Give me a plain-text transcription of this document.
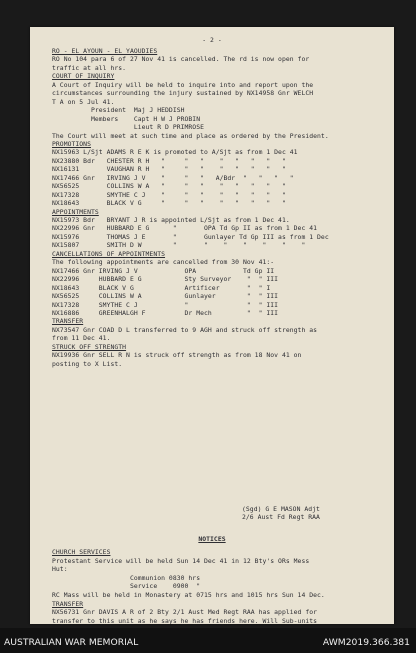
- 2 -
RO - EL AYOUN - EL YAOUDIES
RO No 104 para 6 of 27 Nov 41 is cancelled. The rd is now open for
traffic at all hrs.
COURT OF INQUIRY
A Court of Inquiry will be held to inquire into and report upon the
circumstances surrounding the injury sustained by NX14958 Gnr WELCH
T A on 5 Jul 41.
President  Maj J HEDDISH
Members    Capt H W J PROBIN
Lieut R D PRIMROSE
The Court will meet at such time and place as ordered by the President.
PROMOTIONS
NX15963 L/Sjt ADAMS R E K is promoted to A/Sjt as from 1 Dec 41
NX23880 Bdr   CHESTER R H   "     "   "    "   "   "   "   "
NX16131       VAUGHAN R H   "     "   "    "   "   "   "   "
NX17466 Gnr   IRVING J V    "     "   "   A/Bdr  "   "   "   "
NX56525       COLLINS W A   "     "   "    "   "   "   "   "
NX17328       SMYTHE C J    "     "   "    "   "   "   "   "
NX18643       BLACK V G     "     "   "    "   "   "   "   "
APPOINTMENTS
NX15973 Bdr   BRYANT J R is appointed L/Sjt as from 1 Dec 41.
NX22996 Gnr   HUBBARD E G      "       OPA Td Gp II as from 1 Dec 41
NX15976       THOMAS J E       "       Gunlayer Td Gp III as from 1 Dec
NX15807       SMITH D W        "       "    "    "    "    "    "
CANCELLATIONS OF APPOINTMENTS
The following appointments are cancelled from 30 Nov 41:-
NX17466 Gnr IRVING J V            OPA            Td Gp II
NX22996     HUBBARD E G           Sty Surveyor    "  " III
NX18643     BLACK V G             Artificer       "  " I
NX56525     COLLINS W A           Gunlayer        "  " III
NX17328     SMYTHE C J            "               "  " III
NX16886     GREENHALGH F          Dr Mech         "  " III
TRANSFER
NX73547 Gnr COAD D L transferred to 9 AGH and struck off strength as
from 11 Dec 41.
STRUCK OFF STRENGTH
NX19936 Gnr SELL R N is struck off strength as from 18 Nov 41 on
posting to X List.
(Sgd) G E MASON Adjt
2/6 Aust Fd Regt RAA
NOTICES
CHURCH SERVICES
Protestant Service will be held Sun 14 Dec 41 in 12 Bty's ORs Mess
Hut:
Communion 0830 hrs
Service    0900  "
RC Mass will be held in Monastery at 0715 hrs and 1015 hrs Sun 14 Dec.
TRANSFER
NX56731 Gnr DAVIS A R of 2 Bty 2/1 Aust Med Regt RAA has applied for
transfer to this unit as he says he has friends here. Will Sub-units
AUSTRALIAN WAR MEMORIAL	AWM2019.366.381
